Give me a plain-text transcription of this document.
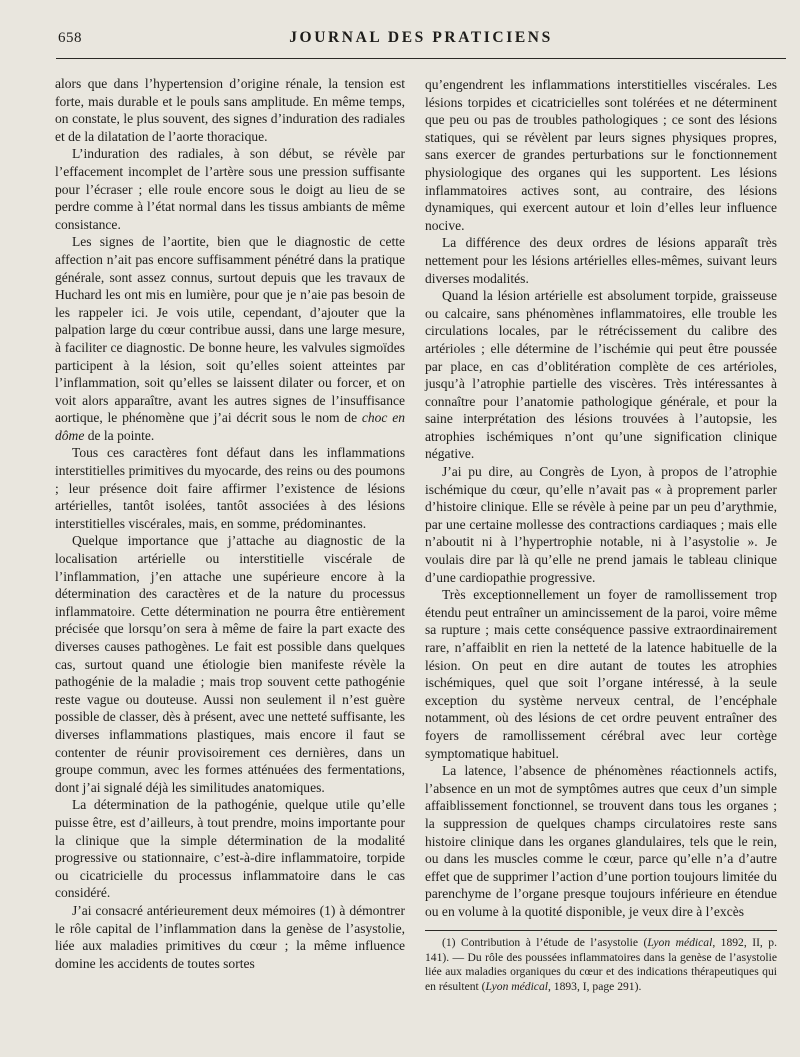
658	JOURNAL DES PRATICIENS

alors que dans l’hypertension d’origine rénale, la tension est forte, mais durable et le pouls sans amplitude. En même temps, on constate, le plus souvent, des signes d’induration des radiales et de la dilatation de l’aorte thoracique.

L’induration des radiales, à son début, se révèle par l’effacement incomplet de l’artère sous une pression suffisante pour l’écraser ; elle roule encore sous le doigt au lieu de se perdre comme à l’état normal dans les tissus ambiants de même consistance.

Les signes de l’aortite, bien que le diagnostic de cette affection n’ait pas encore suffisamment pénétré dans la pratique générale, sont assez connus, surtout depuis que les travaux de Huchard les ont mis en lumière, pour que je n’aie pas besoin de les rappeler ici. Je vois utile, cependant, d’ajouter que la palpation large du cœur contribue aussi, dans une large mesure, à faciliter ce diagnostic. De bonne heure, les valvules sigmoïdes participent à la lésion, soit qu’elles soient atteintes par l’inflammation, soit qu’elles se laissent dilater ou forcer, et on voit alors apparaître, avant les autres signes de l’insuffisance aortique, le phénomène que j’ai décrit sous le nom de choc en dôme de la pointe.

Tous ces caractères font défaut dans les inflammations interstitielles primitives du myocarde, des reins ou des poumons ; leur présence doit faire affirmer l’existence de lésions artérielles, tantôt isolées, tantôt associées à des lésions interstitielles viscérales, mais, en somme, prédominantes.

Quelque importance que j’attache au diagnostic de la localisation artérielle ou interstitielle viscérale de l’inflammation, j’en attache une supérieure encore à la détermination des caractères et de la nature du processus inflammatoire. Cette détermination ne pourra être entièrement précisée que lorsqu’on sera à même de faire la part exacte des diverses causes pathogènes. Le fait est possible dans quelques cas, surtout quand une étiologie bien manifeste révèle la pathogénie de la maladie ; mais trop souvent cette pathogénie reste vague ou douteuse. Aussi non seulement il n’est guère possible de classer, dès à présent, avec une netteté suffisante, les diverses inflammations plastiques, mais encore il faut se contenter de réunir provisoirement ces dernières, dans un groupe commun, avec les formes atténuées des fermentations, dont j’ai signalé déjà les similitudes anatomiques.

La détermination de la pathogénie, quelque utile qu’elle puisse être, est d’ailleurs, à tout prendre, moins importante pour la clinique que la simple détermination de la modalité progressive ou stationnaire, c’est-à-dire inflammatoire, torpide ou cicatricielle du processus inflammatoire dans le cas considéré.

J’ai consacré antérieurement deux mémoires (1) à démontrer le rôle capital de l’inflammation dans la genèse de l’asystolie, liée aux maladies primitives du cœur ; la même influence domine les accidents de toutes sortes

qu’engendrent les inflammations interstitielles viscérales. Les lésions torpides et cicatricielles sont tolérées et ne déterminent que peu ou pas de troubles pathologiques ; ce sont des lésions statiques, qui se révèlent par leurs signes physiques propres, sans exercer de grandes perturbations sur le fonctionnement physiologique des organes qui les supportent. Les lésions inflammatoires actives sont, au contraire, des lésions dynamiques, qui exercent autour et loin d’elles leur influence nocive.

La différence des deux ordres de lésions apparaît très nettement pour les lésions artérielles elles-mêmes, suivant leurs diverses modalités.

Quand la lésion artérielle est absolument torpide, graisseuse ou calcaire, sans phénomènes inflammatoires, elle trouble les circulations locales, par le rétrécissement du calibre des artérioles ; elle détermine de l’ischémie qui peut être poussée par place, en cas d’oblitération complète de ces artérioles, jusqu’à l’atrophie partielle des viscères. Très intéressantes à connaître pour l’anatomie pathologique générale, et pour la saine interprétation des lésions trouvées à l’autopsie, les atrophies ischémiques n’ont qu’une signification clinique négative.

J’ai pu dire, au Congrès de Lyon, à propos de l’atrophie ischémique du cœur, qu’elle n’avait pas « à proprement parler d’histoire clinique. Elle se révèle à peine par un peu d’arythmie, par une certaine mollesse des contractions cardiaques ; mais elle n’aboutit ni à l’hypertrophie notable, ni à l’asystolie ». Je voulais dire par là qu’elle ne prend jamais le tableau clinique d’une cardiopathie progressive.

Très exceptionnellement un foyer de ramollissement trop étendu peut entraîner un amincissement de la paroi, voire même sa rupture ; mais cette conséquence passive extraordinairement rare, n’affaiblit en rien la netteté de la latence habituelle de la lésion. On peut en dire autant de toutes les atrophies ischémiques, quel que soit l’organe intéressé, à la seule exception du système nerveux central, de l’encéphale notamment, où des lésions de cet ordre peuvent entraîner des foyers de ramollissement cérébral avec leur cortège symptomatique habituel.

La latence, l’absence de phénomènes réactionnels actifs, l’absence en un mot de symptômes autres que ceux d’un simple affaiblissement fonctionnel, se trouvent dans tous les organes ; la suppression de quelques champs circulatoires reste sans histoire clinique dans les organes glandulaires, tels que le rein, ou dans les muscles comme le cœur, parce qu’elle n’a d’autre effet que de supprimer l’action d’une portion toujours limitée du parenchyme de l’organe presque toujours inférieure en étendue ou en volume à la quotité disponible, je veux dire à l’excès

(1) Contribution à l’étude de l’asystolie (Lyon médical, 1892, II, p. 141). — Du rôle des poussées inflammatoires dans la genèse de l’asystolie liée aux maladies organiques du cœur et des indications thérapeutiques qui en résultent (Lyon médical, 1893, I, page 291).
